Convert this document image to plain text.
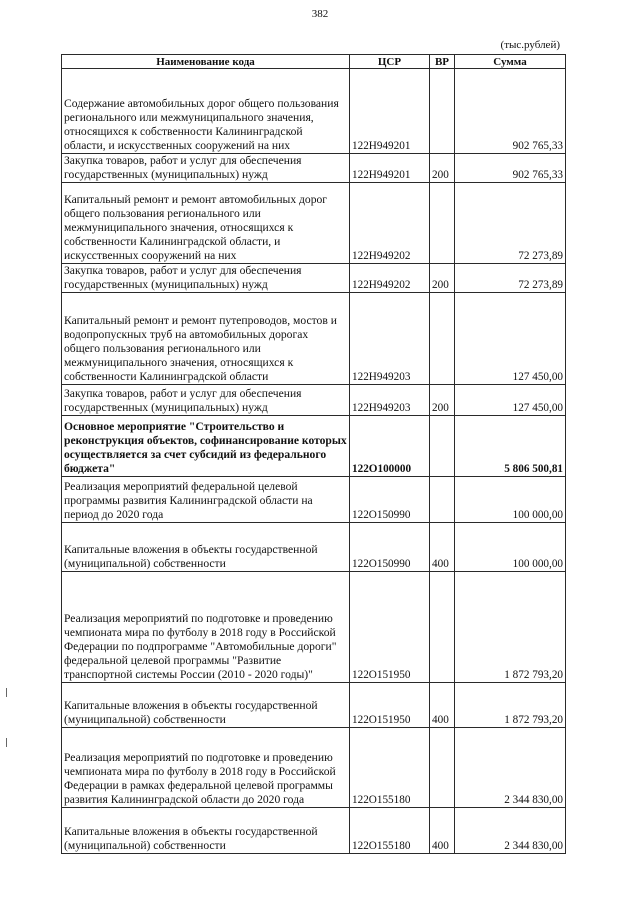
382
(тыс.рублей)
Наименование кода	ЦСР	ВР	Сумма
Содержание автомобильных дорог общего пользования регионального или межмуниципального значения, относящихся к собственности Калининградской области, и искусственных сооружений на них	122H949201		902 765,33
Закупка товаров, работ и услуг для обеспечения государственных (муниципальных) нужд	122H949201	200	902 765,33
Капитальный ремонт и ремонт автомобильных дорог общего пользования регионального или межмуниципального значения, относящихся к собственности Калининградской области, и искусственных сооружений на них	122H949202		72 273,89
Закупка товаров, работ и услуг для обеспечения государственных (муниципальных) нужд	122H949202	200	72 273,89
Капитальный ремонт и ремонт путепроводов, мостов и водопропускных труб на автомобильных дорогах общего пользования регионального или межмуниципального значения, относящихся к собственности Калининградской области	122H949203		127 450,00
Закупка товаров, работ и услуг для обеспечения государственных (муниципальных) нужд	122H949203	200	127 450,00
Основное мероприятие "Строительство и реконструкция объектов, софинансирование которых осуществляется за счет субсидий из федерального бюджета"	122O100000		5 806 500,81
Реализация мероприятий федеральной целевой программы развития Калининградской области на период до 2020 года	122O150990		100 000,00
Капитальные вложения в объекты государственной (муниципальной) собственности	122O150990	400	100 000,00
Реализация мероприятий по подготовке и проведению чемпионата мира по футболу в 2018 году в Российской Федерации по подпрограмме "Автомобильные дороги" федеральной целевой программы "Развитие транспортной системы России (2010 - 2020 годы)"	122O151950		1 872 793,20
Капитальные вложения в объекты государственной (муниципальной) собственности	122O151950	400	1 872 793,20
Реализация мероприятий по подготовке и проведению чемпионата мира по футболу в 2018 году в Российской Федерации в рамках федеральной целевой программы развития Калининградской области до 2020 года	122O155180		2 344 830,00
Капитальные вложения в объекты государственной (муниципальной) собственности	122O155180	400	2 344 830,00
